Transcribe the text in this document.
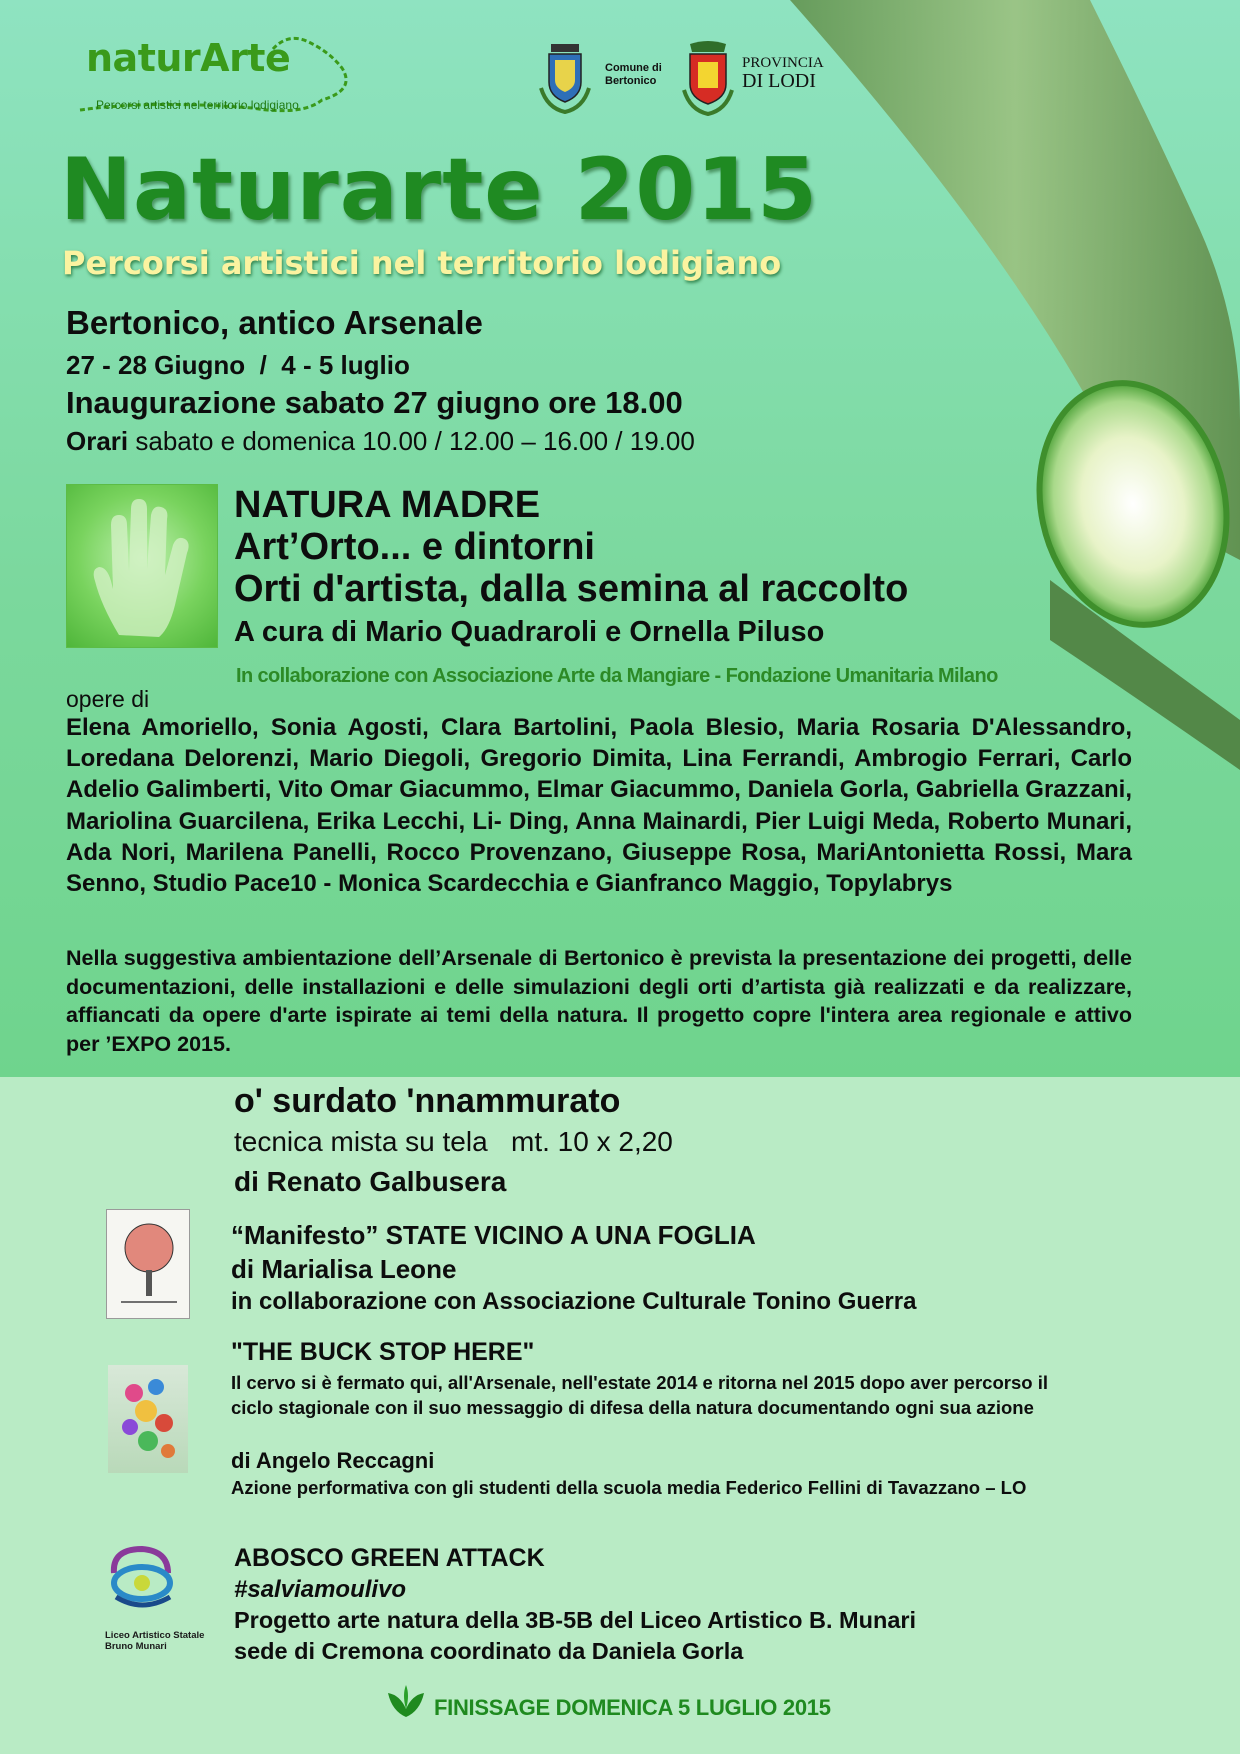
naturArte
Percorsi artistici nel territorio lodigiano
Comune di Bertonico
PROVINCIA
DI LODI
Naturarte 2015
Percorsi artistici nel territorio lodigiano
Bertonico, antico Arsenale
27 - 28 Giugno  /  4 - 5 luglio
Inaugurazione sabato 27 giugno ore 18.00
Orari sabato e domenica 10.00 / 12.00 – 16.00 / 19.00
NATURA MADRE
Art’Orto... e dintorni
Orti d'artista, dalla semina al raccolto
A cura di Mario Quadraroli e Ornella Piluso
In collaborazione con Associazione Arte da Mangiare - Fondazione Umanitaria Milano
opere di
Elena Amoriello, Sonia Agosti, Clara Bartolini, Paola Blesio, Maria Rosaria D'Alessandro, Loredana Delorenzi, Mario Diegoli, Gregorio Dimita, Lina Ferrandi, Ambrogio Ferrari, Carlo Adelio Galimberti, Vito Omar Giacummo, Elmar Giacummo, Daniela Gorla, Gabriella Grazzani, Mariolina Guarcilena, Erika Lecchi, Li- Ding, Anna Mainardi, Pier Luigi Meda, Roberto Munari, Ada Nori, Marilena Panelli, Rocco Provenzano, Giuseppe Rosa, MariAntonietta Rossi, Mara Senno, Studio Pace10 - Monica Scardecchia e Gianfranco Maggio, Topylabrys
Nella suggestiva ambientazione dell’Arsenale di Bertonico è prevista la presentazione dei progetti, delle documentazioni, delle installazioni e delle simulazioni degli orti d’artista già realizzati e da realizzare, affiancati da opere d'arte ispirate ai temi della natura. Il progetto copre l'intera area regionale e attivo per ’EXPO 2015.
o' surdato 'nnammurato
tecnica mista su tela   mt. 10 x 2,20
di Renato Galbusera
“Manifesto” STATE VICINO A UNA FOGLIA
di Marialisa Leone
in collaborazione con Associazione Culturale Tonino Guerra
"THE BUCK STOP HERE"
Il cervo si è fermato qui, all'Arsenale, nell'estate 2014 e ritorna nel 2015 dopo aver percorso il ciclo stagionale con il suo messaggio di difesa della natura documentando ogni sua azione
di Angelo Reccagni
Azione performativa con gli studenti della scuola media Federico Fellini di Tavazzano – LO
Liceo Artistico Statale Bruno Munari
ABOSCO GREEN ATTACK
#salviamoulivo
Progetto arte natura della 3B-5B del Liceo Artistico B. Munari
sede di Cremona coordinato da Daniela Gorla
FINISSAGE DOMENICA 5 LUGLIO 2015
